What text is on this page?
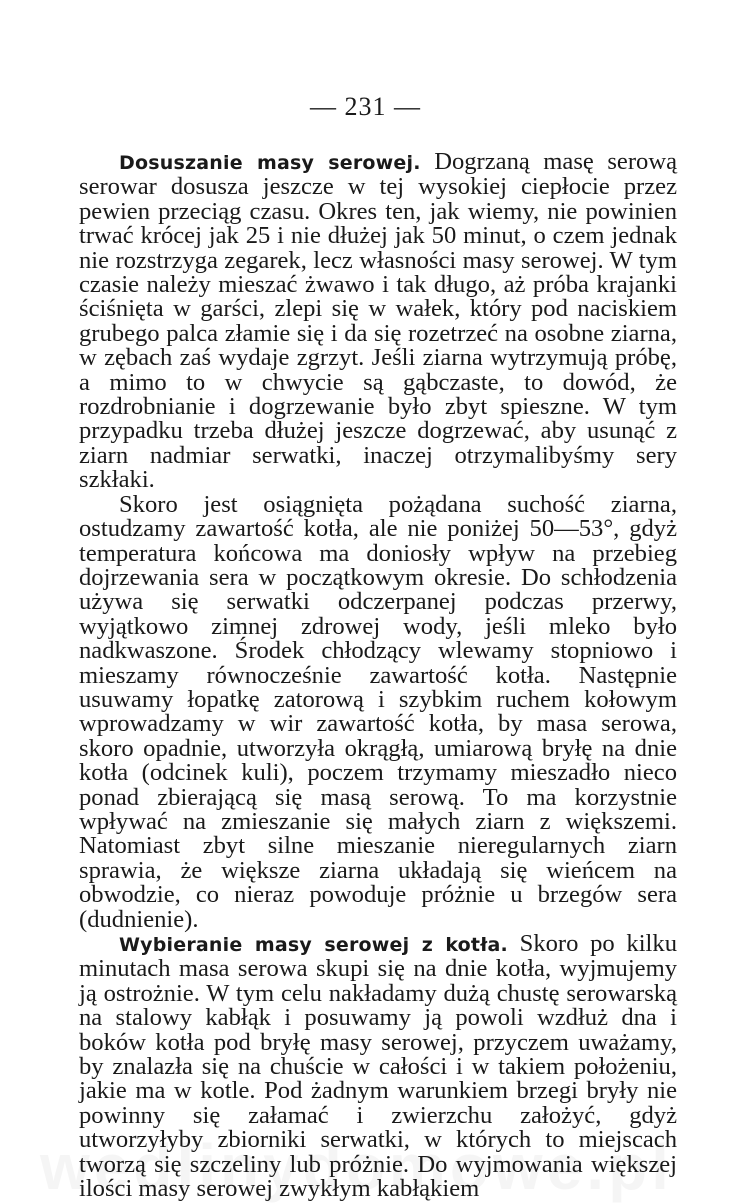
— 231 —

Dosuszanie masy serowej. Dogrzaną masę serową serowar dosusza jeszcze w tej wysokiej ciepłocie przez pewien przeciąg czasu. Okres ten, jak wiemy, nie powinien trwać krócej jak 25 i nie dłużej jak 50 minut, o czem jednak nie rozstrzyga zegarek, lecz własności masy serowej. W tym czasie należy mieszać żwawo i tak długo, aż próba krajanki ściśnięta w garści, zlepi się w wałek, który pod naciskiem grubego palca złamie się i da się rozetrzeć na osobne ziarna, w zębach zaś wydaje zgrzyt. Jeśli ziarna wytrzymują próbę, a mimo to w chwycie są gąbczaste, to dowód, że rozdrobnianie i dogrzewanie było zbyt spieszne. W tym przypadku trzeba dłużej jeszcze dogrzewać, aby usunąć z ziarn nadmiar serwatki, inaczej otrzymalibyśmy sery szkłaki.

Skoro jest osiągnięta pożądana suchość ziarna, ostudzamy zawartość kotła, ale nie poniżej 50—53°, gdyż temperatura końcowa ma doniosły wpływ na przebieg dojrzewania sera w początkowym okresie. Do schłodzenia używa się serwatki odczerpanej podczas przerwy, wyjątkowo zimnej zdrowej wody, jeśli mleko było nadkwaszone. Środek chłodzący wlewamy stopniowo i mieszamy równocześnie zawartość kotła. Następnie usuwamy łopatkę zatorową i szybkim ruchem kołowym wprowadzamy w wir zawartość kotła, by masa serowa, skoro opadnie, utworzyła okrągłą, umiarową bryłę na dnie kotła (odcinek kuli), poczem trzymamy mieszadło nieco ponad zbierającą się masą serową. To ma korzystnie wpływać na zmieszanie się małych ziarn z większemi. Natomiast zbyt silne mieszanie nieregularnych ziarn sprawia, że większe ziarna układają się wieńcem na obwodzie, co nieraz powoduje próżnie u brzegów sera (dudnienie).

Wybieranie masy serowej z kotła. Skoro po kilku minutach masa serowa skupi się na dnie kotła, wyjmujemy ją ostrożnie. W tym celu nakładamy dużą chustę serowarską na stalowy kabłąk i posuwamy ją powoli wzdłuż dna i boków kotła pod bryłę masy serowej, przyczem uważamy, by znalazła się na chuście w całości i w takiem położeniu, jakie ma w kotle. Pod żadnym warunkiem brzegi bryły nie powinny się załamać i zwierzchu założyć, gdyż utworzyłyby zbiorniki serwatki, w których to miejscach tworzą się szczeliny lub próżnie. Do wyjmowania większej ilości masy serowej zwykłym kabłąkiem
